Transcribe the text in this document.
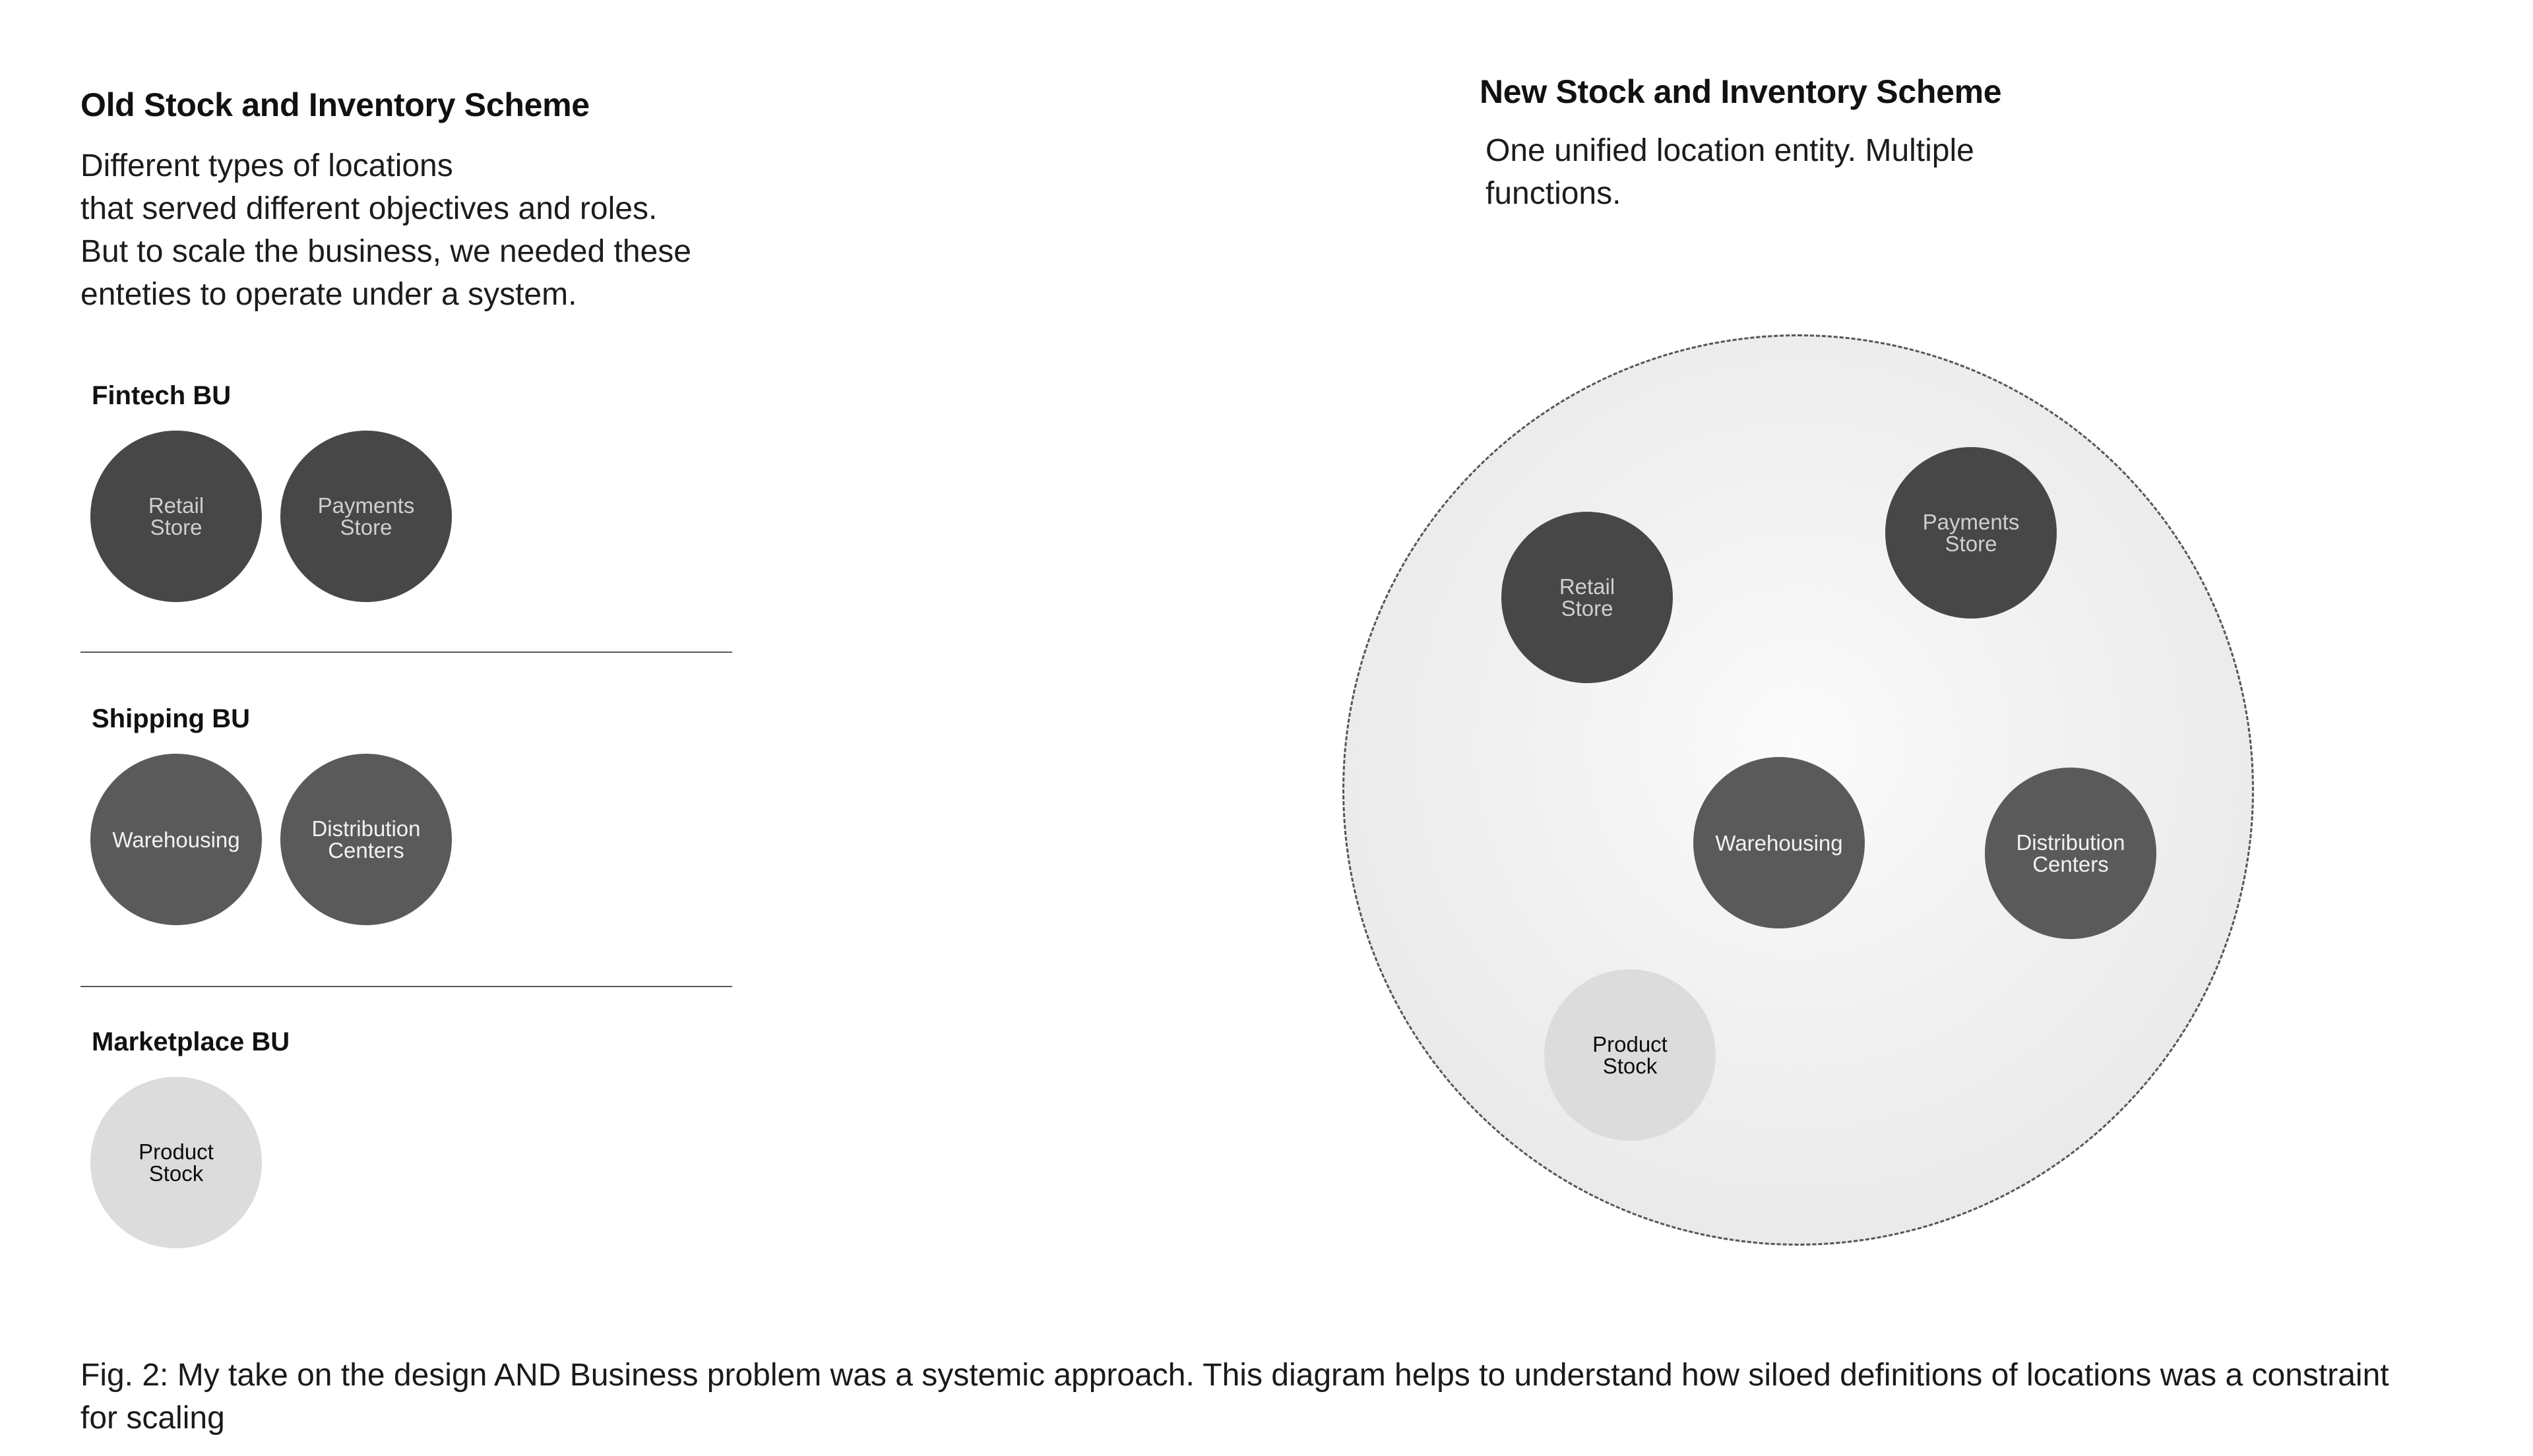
Old Stock and Inventory Scheme
Different types of locations
that served different objectives and roles.
But to scale the business, we needed these
enteties to operate under a system.
Fintech BU
Retail
Store
Payments
Store
Shipping BU
Warehousing	Distribution
Centers
Marketplace BU
Product
Stock
New Stock and Inventory Scheme
One unified location entity. Multiple
functions.
Retail
Store
Payments
Store
Warehousing	Distribution
Centers
Product
Stock
Fig. 2: My take on the design AND Business problem was a systemic approach. This diagram helps to understand how siloed definitions of locations was a constraint
for scaling
